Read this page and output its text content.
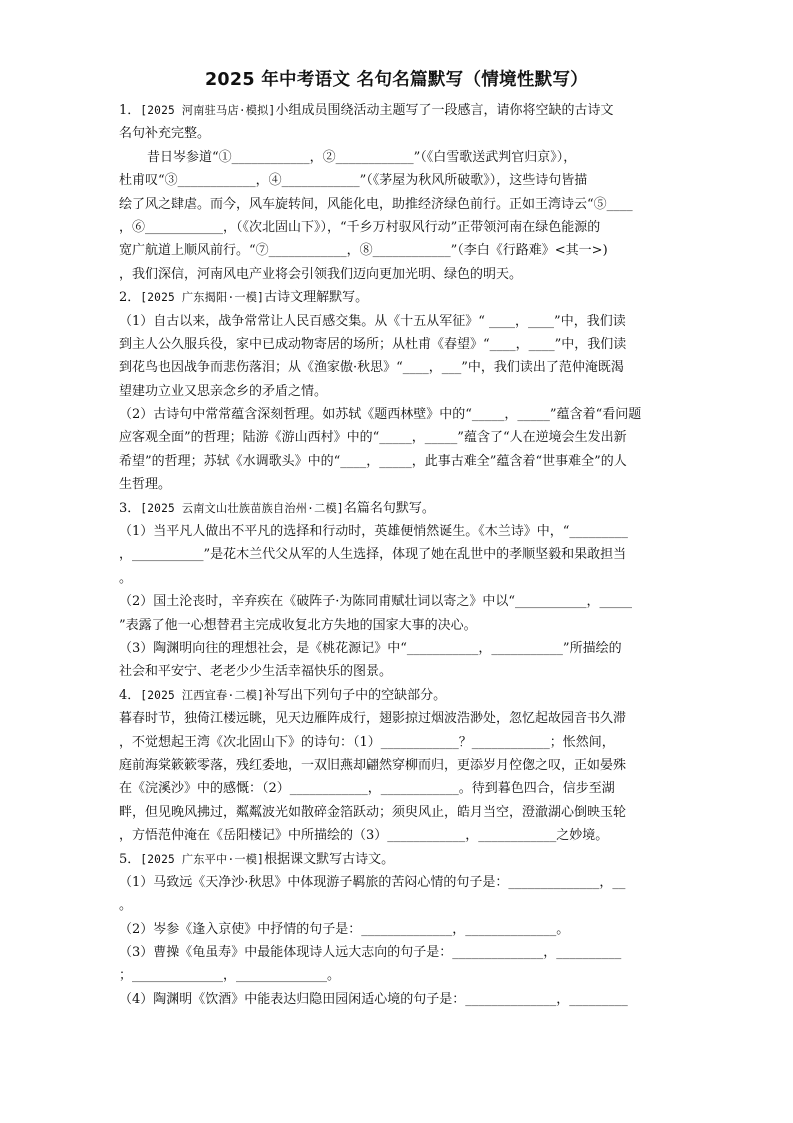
2025 年中考语文 名句名篇默写（情境性默写）
1．[2025 河南驻马店·模拟]小组成员围绕活动主题写了一段感言，请你将空缺的古诗文
名句补充完整。
昔日岑参道“①____________，②____________”（《白雪歌送武判官归京》），
杜甫叹“③____________，④____________”（《茅屋为秋风所破歌》），这些诗句皆描
绘了风之肆虐。而今，风车旋转间，风能化电，助推经济绿色前行。正如王湾诗云“⑤____
，⑥____________，（《次北固山下》），“千乡万村驭风行动”正带领河南在绿色能源的
宽广航道上顺风前行。“⑦____________，⑧____________”（李白《行路难》<其一>)
，我们深信，河南风电产业将会引领我们迈向更加光明、绿色的明天。
2．[2025 广东揭阳·一模]古诗文理解默写。
（1）自古以来，战争常常让人民百感交集。从《十五从军征》“ ____，____”中，我们读
到主人公久服兵役，家中已成动物寄居的场所；从杜甫《春望》“____，____”中，我们读
到花鸟也因战争而悲伤落泪；从《渔家傲·秋思》“____，___”中，我们读出了范仲淹既渴
望建功立业又思亲念乡的矛盾之情。
（2）古诗句中常常蕴含深刻哲理。如苏轼《题西林壁》中的“_____，_____”蕴含着“看问题
应客观全面”的哲理；陆游《游山西村》中的“_____，_____”蕴含了“人在逆境会生发出新
希望”的哲理；苏轼《水调歌头》中的“____，_____，此事古难全”蕴含着“世事难全”的人
生哲理。
3．[2025 云南文山壮族苗族自治州·二模]名篇名句默写。
（1）当平凡人做出不平凡的选择和行动时，英雄便悄然诞生。《木兰诗》中，“_________
，___________”是花木兰代父从军的人生选择，体现了她在乱世中的孝顺坚毅和果敢担当
。
（2）国土沦丧时，辛弃疾在《破阵子·为陈同甫赋壮词以寄之》中以“___________，_____
”表露了他一心想替君主完成收复北方失地的国家大事的决心。
（3）陶渊明向往的理想社会，是《桃花源记》中“___________，___________”所描绘的
社会和平安宁、老老少少生活幸福快乐的图景。
4．[2025 江西宜春·二模]补写出下列句子中的空缺部分。
暮春时节，独倚江楼远眺，见天边雁阵成行，翅影掠过烟波浩渺处，忽忆起故园音书久滞
，不觉想起王湾《次北固山下》的诗句：（1）____________？____________；怅然间，
庭前海棠簌簌零落，残红委地，一双旧燕却翩然穿柳而归，更添岁月倥偬之叹，正如晏殊
在《浣溪沙》中的感慨：（2）____________，____________。待到暮色四合，信步至湖
畔，但见晚风拂过，粼粼波光如散碎金箔跃动；须臾风止，皓月当空，澄澈湖心倒映玉轮
，方悟范仲淹在《岳阳楼记》中所描绘的（3）____________，____________之妙境。
5．[2025 广东平中·一模]根据课文默写古诗文。
（1）马致远《天净沙·秋思》中体现游子羁旅的苦闷心情的句子是：______________，__
。
（2）岑参《逢入京使》中抒情的句子是：______________，______________。
（3）曹操《龟虽寿》中最能体现诗人远大志向的句子是：______________，__________
；______________，______________。
（4）陶渊明《饮酒》中能表达归隐田园闲适心境的句子是：______________，_________
